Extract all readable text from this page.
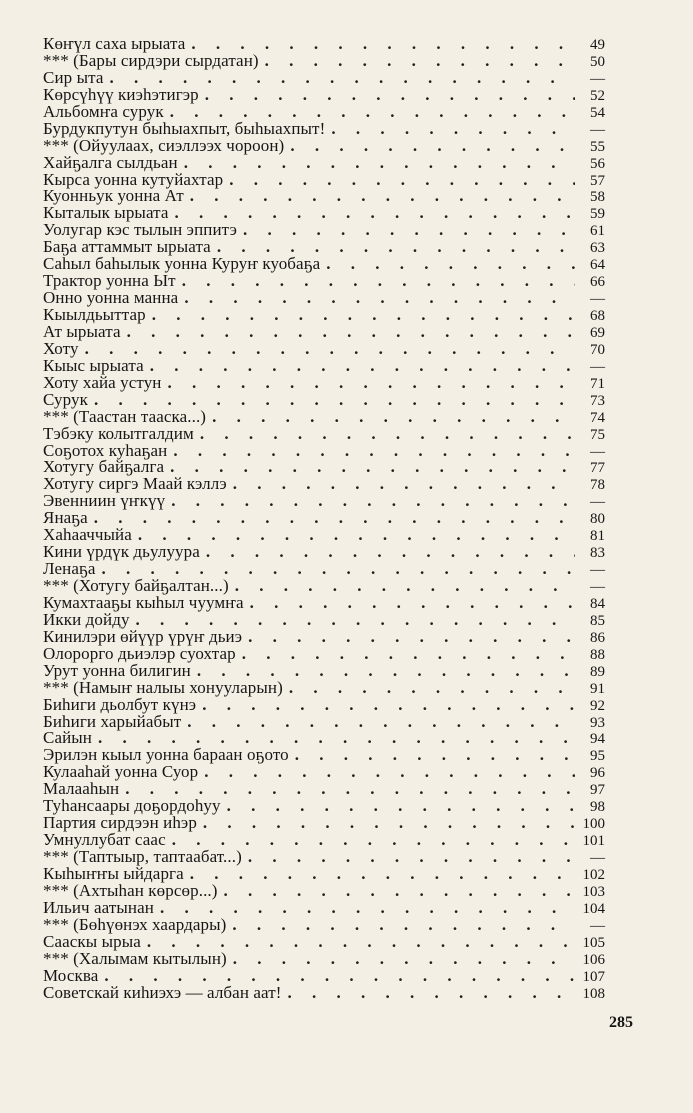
Көҥүл саха ырыата . . .	49
*** (Бары сирдэри сырдатан) . . .	50
Сир ыта . . .	—
Көрсүһүү киэһэтигэр . . .	52
Альбомҥа сурук . . .	54
Бурдукпутун быһыахпыт, быһыахпыт! . . .	—
*** (Ойуулаах, сиэллээх чороон) . . .	55
Хайҕалга сылдьан . . .	56
Кырса уонна кутуйахтар . . .	57
Куонньук уонна Ат . . .	58
Кыталык ырыата . . .	59
Уолугар кэс тылын эппитэ . . .	61
Баҕа аттаммыт ырыата . . .	63
Саһыл баһылык уонна Куруҥ куобаҕа . . .	64
Трактор уонна Ыт . . .	66
Онно уонна манна . . .	—
Кыылдьыттар . . .	68
Ат ырыата . . .	69
Хоту . . .	70
Кыыс ырыата . . .	—
Хоту хайа устун . . .	71
Сурук . . .	73
*** (Таастан тааска...) . . .	74
Тэбэку колытгалдим . . .	75
Соҕотох куһаҕан . . .	—
Хотугу байҕалга . . .	77
Хотугу сиргэ Маай кэллэ . . .	78
Эвенниин үҥкүү . . .	—
Янаҕа . . .	80
Хаһааччыйа . . .	81
Кини үрдүк дьулуура . . .	83
Ленаҕа . . .	—
*** (Хотугу байҕалтан...) . . .	—
Кумахтааҕы кыһыл чуумҥа . . .	84
Икки дойду . . .	85
Кинилэри өйүүр үрүҥ дьиэ . . .	86
Олорорго дьиэлэр суохтар . . .	88
Урут уонна билигин . . .	89
*** (Намыҥ налыы хонууларын) . . .	91
Биһиги дьолбут күнэ . . .	92
Биһиги харыйабыт . . .	93
Сайын . . .	94
Эрилэн кыыл уонна бараан оҕото . . .	95
Кулааһай уонна Суор . . .	96
Малааһын . . .	97
Туһансаары доҕордоһуу . . .	98
Партия сирдээн иһэр . . .	100
Умнуллубат саас . . .	101
*** (Таптыыр, таптаабат...) . . .	—
Кыһыҥҥы ыйдарга . . .	102
*** (Ахтыһан көрсөр...) . . .	103
Ильич аатынан . . .	104
*** (Бөһүөнэх хаардары) . . .	—
Сааскы ырыа . . .	105
*** (Халымам кытылын) . . .	106
Москва . . .	107
Советскай киһиэхэ — албан аат! . . .	108
285
